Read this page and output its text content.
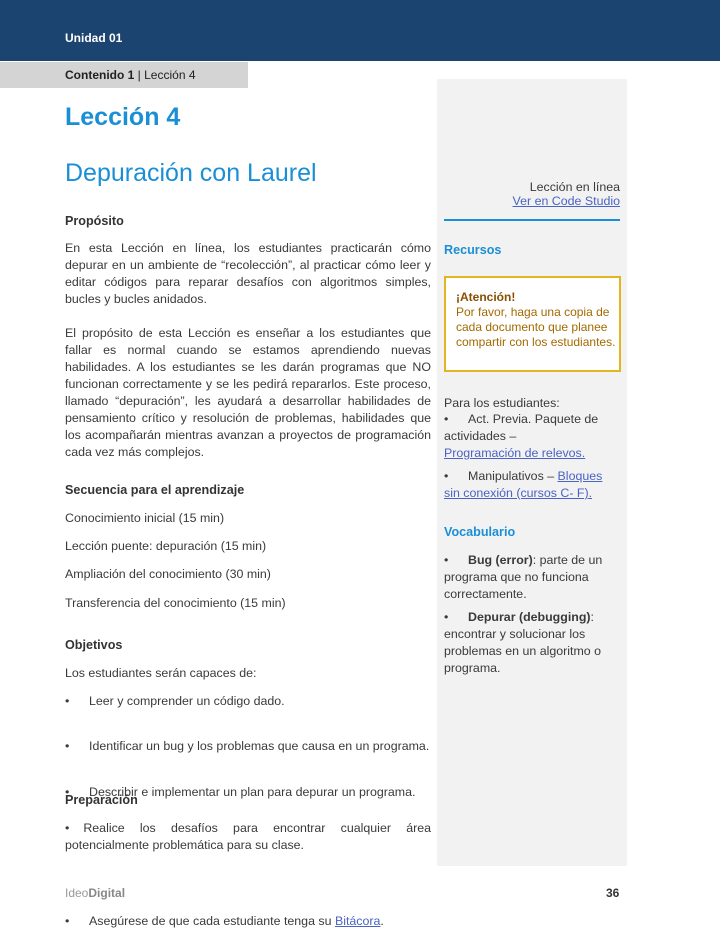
Unidad 01
Contenido 1 | Lección 4
Lección 4
Depuración con Laurel
Propósito
En esta Lección en línea, los estudiantes practicarán cómo depurar en un ambiente de “recolección”, al practicar cómo leer y editar códigos para reparar desafíos con algoritmos simples, bucles y bucles anidados.
El propósito de esta Lección es enseñar a los estudiantes que fallar es normal cuando se estamos aprendiendo nuevas habilidades. A los estudiantes se les darán programas que NO funcionan correctamente y se les pedirá repararlos. Este proceso, llamado “depuración”, les ayudará a desarrollar habilidades de pensamiento crítico y resolución de problemas, habilidades que los acompañarán mientras avanzan a proyectos de programación cada vez más complejos.
Secuencia para el aprendizaje
Conocimiento inicial (15 min)
Lección puente: depuración (15 min)
Ampliación del conocimiento (30 min)
Transferencia del conocimiento (15 min)
Objetivos
Los estudiantes serán capaces de:
• Leer y comprender un código dado.
• Identificar un bug y los problemas que causa en un programa.
• Describir e implementar un plan para depurar un programa.
Preparación
• Realice los desafíos para encontrar cualquier área potencialmente problemática para su clase.
• Asegúrese de que cada estudiante tenga su Bitácora.
Lección en línea
Ver en Code Studio
Recursos
¡Atención!
Por favor, haga una copia de cada documento que planee compartir con los estudiantes.
Para los estudiantes:
• Act. Previa. Paquete de actividades –
Programación de relevos.
• Manipulativos – Bloques sin conexión (cursos C- F).
Vocabulario
• Bug (error): parte de un programa que no funciona correctamente.
• Depurar (debugging): encontrar y solucionar los problemas en un algoritmo o programa.
IdeoDigital	36
